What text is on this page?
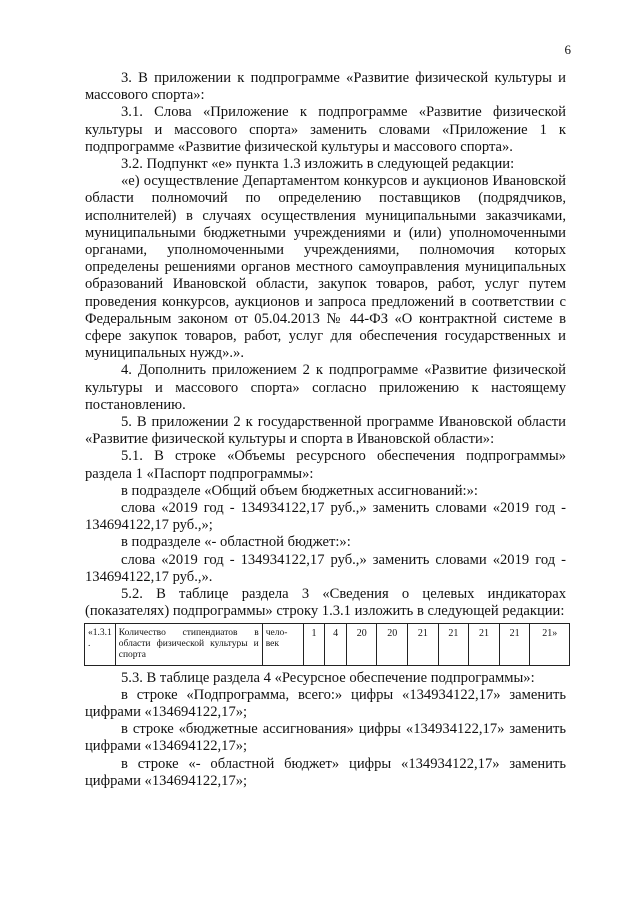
6

3. В приложении к подпрограмме «Развитие физической культуры и массового спорта»:

3.1. Слова «Приложение к подпрограмме «Развитие физической культуры и массового спорта» заменить словами «Приложение 1 к подпрограмме «Развитие физической культуры и массового спорта».

3.2. Подпункт «е» пункта 1.3 изложить в следующей редакции:

«е) осуществление Департаментом конкурсов и аукционов Ивановской области полномочий по определению поставщиков (подрядчиков, исполнителей) в случаях осуществления муниципальными заказчиками, муниципальными бюджетными учреждениями и (или) уполномоченными органами, уполномоченными учреждениями, полномочия которых определены решениями органов местного самоуправления муниципальных образований Ивановской области, закупок товаров, работ, услуг путем проведения конкурсов, аукционов и запроса предложений в соответствии с Федеральным законом от 05.04.2013 № 44-ФЗ «О контрактной системе в сфере закупок товаров, работ, услуг для обеспечения государственных и муниципальных нужд».».

4. Дополнить приложением 2 к подпрограмме «Развитие физической культуры и массового спорта» согласно приложению к настоящему постановлению.

5. В приложении 2 к государственной программе Ивановской области «Развитие физической культуры и спорта в Ивановской области»:

5.1. В строке «Объемы ресурсного обеспечения подпрограммы» раздела 1 «Паспорт подпрограммы»:

в подразделе «Общий объем бюджетных ассигнований:»:

слова «2019 год - 134934122,17 руб.,» заменить словами «2019 год - 134694122,17 руб.,»;

в подразделе «- областной бюджет:»:

слова «2019 год - 134934122,17 руб.,» заменить словами «2019 год - 134694122,17 руб.,».

5.2. В таблице раздела 3 «Сведения о целевых индикаторах (показателях) подпрограммы» строку 1.3.1 изложить в следующей редакции:

«1.3.1 .	Количество стипендиатов в области физической культуры и спорта	чело-век	1	4	20	20	21	21	21	21	21»

5.3. В таблице раздела 4 «Ресурсное обеспечение подпрограммы»:

в строке «Подпрограмма, всего:» цифры «134934122,17» заменить цифрами «134694122,17»;

в строке «бюджетные ассигнования» цифры «134934122,17» заменить цифрами «134694122,17»;

в строке «- областной бюджет» цифры «134934122,17» заменить цифрами «134694122,17»;
